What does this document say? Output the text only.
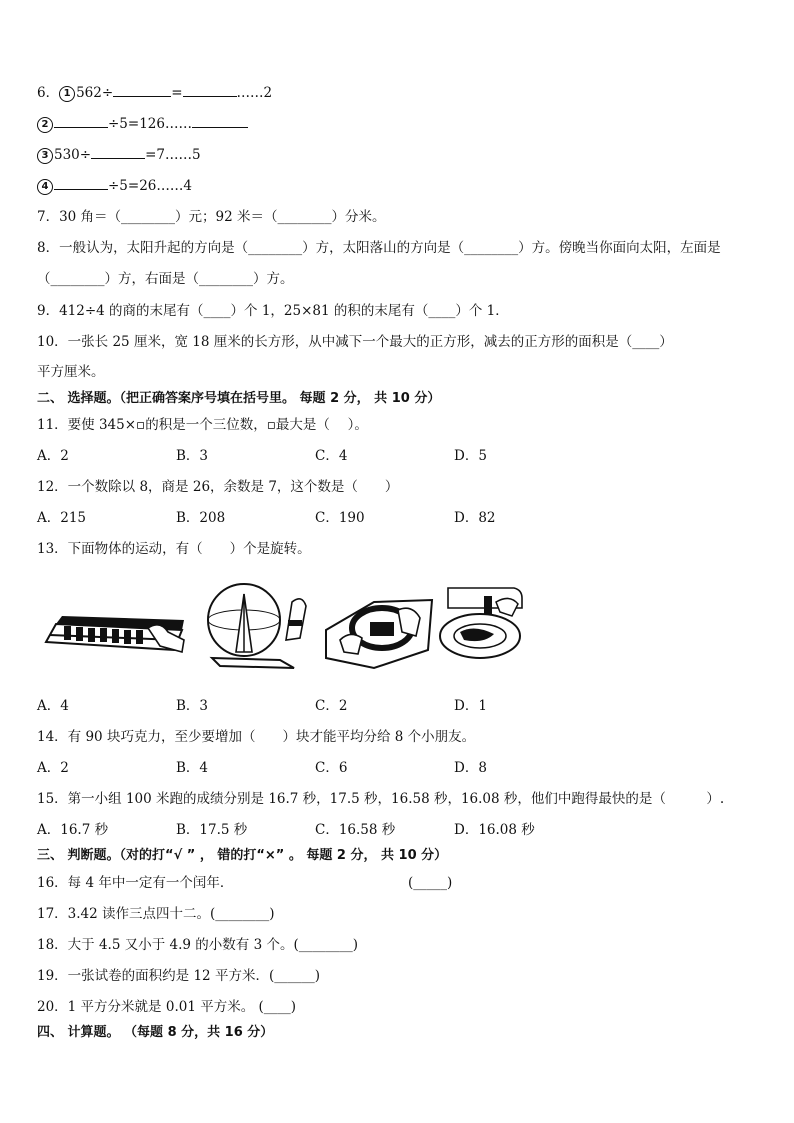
6． 1 562÷	=	……2
2	÷5=126……
3 530÷	=7……5
4	÷5=26……4
7．30 角＝（________）元；92 米＝（________）分米。
8．一般认为，太阳升起的方向是（________）方，太阳落山的方向是（________）方。傍晚当你面向太阳，左面是
（________）方，右面是（________）方。
9．412÷4 的商的末尾有（____）个 1，25×81 的积的末尾有（____）个 1．
10．一张长 25 厘米，宽 18 厘米的长方形，从中减下一个最大的正方形，减去的正方形的面积是（____）
平方厘米。
二、 选择题。（把正确答案序号填在括号里。 每题 2 分， 共 10 分）
11．要使 345×▫的积是一个三位数，▫最大是（　 ）。
A．2	B．3	C．4	D．5
12．一个数除以 8，商是 26，余数是 7，这个数是（　　）
A．215	B．208	C．190	D．82
13．下面物体的运动，有（　　）个是旋转。
A．4	B．3	C．2	D．1
14．有 90 块巧克力，至少要增加（　　）块才能平均分给 8 个小朋友。
A．2	B．4	C．6	D．8
15．第一小组 100 米跑的成绩分别是 16.7 秒，17.5 秒，16.58 秒，16.08 秒，他们中跑得最快的是（　　　）.
A．16.7 秒	B．17.5 秒	C．16.58 秒	D．16.08 秒
三、 判断题。（对的打“√ ” ， 错的打“×” 。 每题 2 分， 共 10 分）
16．每 4 年中一定有一个闰年．	(_____)
17．3.42 读作三点四十二。(________)
18．大于 4.5 又小于 4.9 的小数有 3 个。(________)
19．一张试卷的面积约是 12 平方米．(______)
20．1 平方分米就是 0.01 平方米。 (____)
四、 计算题。 （每题 8 分，共 16 分）
